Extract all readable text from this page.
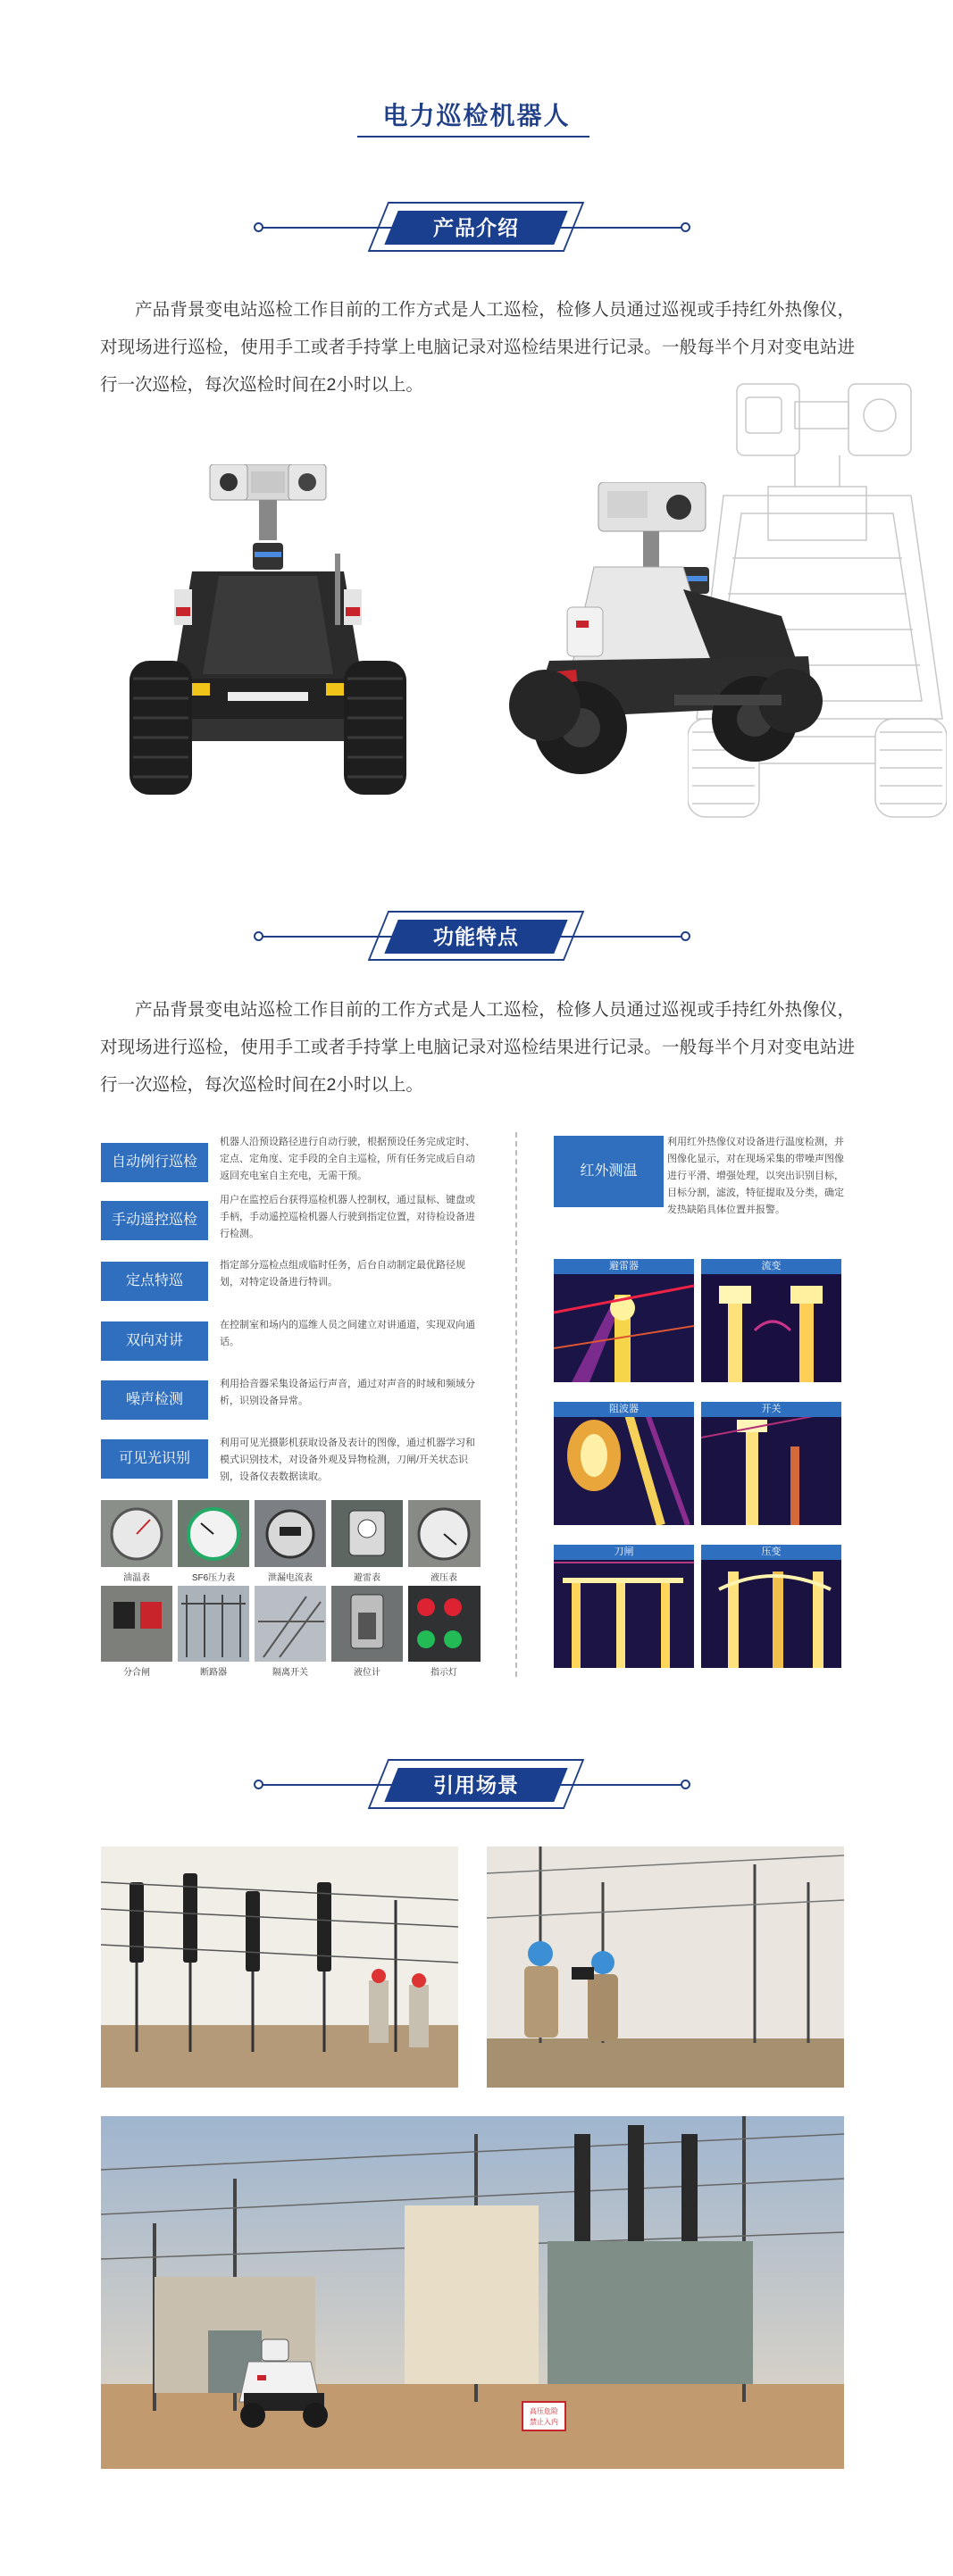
电力巡检机器人
产品介绍

产品背景变电站巡检工作目前的工作方式是人工巡检，检修人员通过巡视或手持红外热像仪，对现场进行巡检，使用手工或者手持掌上电脑记录对巡检结果进行记录。一般每半个月对变电站进行一次巡检，每次巡检时间在2小时以上。

功能特点

产品背景变电站巡检工作目前的工作方式是人工巡检，检修人员通过巡视或手持红外热像仪，对现场进行巡检，使用手工或者手持掌上电脑记录对巡检结果进行记录。一般每半个月对变电站进行一次巡检，每次巡检时间在2小时以上。

自动例行巡检
机器人沿预设路径进行自动行驶，根据预设任务完成定时、定点、定角度、定手段的全自主巡检，所有任务完成后自动返回充电室自主充电，无需干预。
手动遥控巡检
用户在监控后台获得巡检机器人控制权，通过鼠标、键盘或手柄，手动遥控巡检机器人行驶到指定位置，对待检设备进行检测。
定点特巡
指定部分巡检点组成临时任务，后台自动制定最优路径规划，对特定设备进行特训。
双向对讲
在控制室和场内的巡维人员之间建立对讲通道，实现双向通话。
噪声检测
利用拾音器采集设备运行声音，通过对声音的时域和频域分析，识别设备异常。
可见光识别
利用可见光摄影机获取设备及表计的图像，通过机器学习和模式识别技术，对设备外观及异物检测，刀闸/开关状态识别，设备仪表数据读取。
油温表	SF6压力表	泄漏电流表	避雷表	液压表
分合闸	断路器	隔离开关	液位计	指示灯
红外测温
利用红外热像仪对设备进行温度检测，并图像化显示，对在现场采集的带噪声图像进行平滑、增强处理，以突出识别目标，目标分割，滤波，特征提取及分类，确定发热缺陷具体位置并报警。
避雷器	流变
阻波器	开关
刀闸	压变
引用场景
高压危险
禁止入内
